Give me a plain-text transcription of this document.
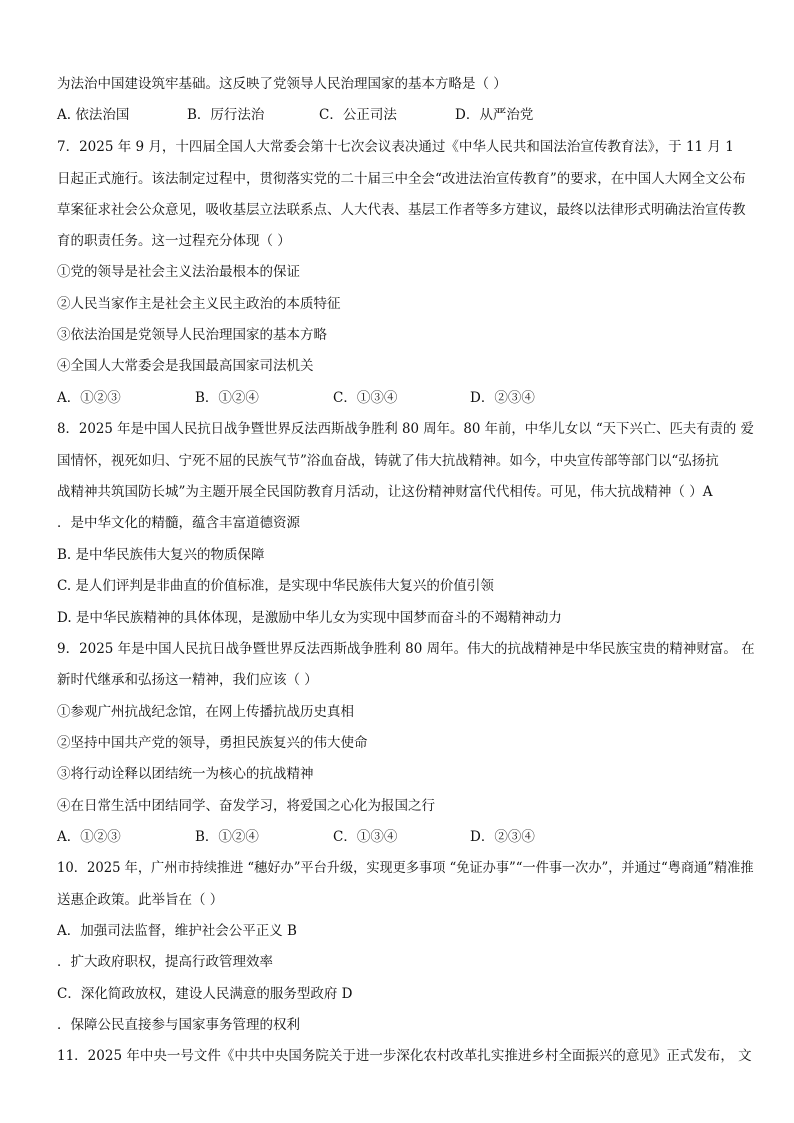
为法治中国建设筑牢基础。这反映了党领导人民治理国家的基本方略是（ ）
A. 依法治国	B．厉行法治	C．公正司法	D．从严治党
7．2025 年 9 月，十四届全国人大常委会第十七次会议表决通过《中华人民共和国法治宣传教育法》，于 11 月 1
日起正式施行。该法制定过程中，贯彻落实党的二十届三中全会“改进法治宣传教育”的要求，在中国人大网全文公布
草案征求社会公众意见，吸收基层立法联系点、人大代表、基层工作者等多方建议，最终以法律形式明确法治宣传教
育的职责任务。这一过程充分体现（ ）
①党的领导是社会主义法治最根本的保证
②人民当家作主是社会主义民主政治的本质特征
③依法治国是党领导人民治理国家的基本方略
④全国人大常委会是我国最高国家司法机关
A．①②③	B．①②④	C．①③④	D．②③④
8．2025 年是中国人民抗日战争暨世界反法西斯战争胜利 80 周年。80 年前，中华儿女以 “天下兴亡、匹夫有责的 爱
国情怀，视死如归、宁死不屈的民族气节”浴血奋战，铸就了伟大抗战精神。如今，中央宣传部等部门以“弘扬抗
战精神共筑国防长城”为主题开展全民国防教育月活动，让这份精神财富代代相传。可见，伟大抗战精神（ ）A
．是中华文化的精髓，蕴含丰富道德资源
B. 是中华民族伟大复兴的物质保障
C. 是人们评判是非曲直的价值标准，是实现中华民族伟大复兴的价值引领
D. 是中华民族精神的具体体现，是激励中华儿女为实现中国梦而奋斗的不竭精神动力
9．2025 年是中国人民抗日战争暨世界反法西斯战争胜利 80 周年。伟大的抗战精神是中华民族宝贵的精神财富。 在
新时代继承和弘扬这一精神，我们应该（ ）
①参观广州抗战纪念馆，在网上传播抗战历史真相
②坚持中国共产党的领导，勇担民族复兴的伟大使命
③将行动诠释以团结统一为核心的抗战精神
④在日常生活中团结同学、奋发学习，将爱国之心化为报国之行
A．①②③	B．①②④	C．①③④	D．②③④
10．2025 年，广州市持续推进 “穗好办”平台升级，实现更多事项 “免证办事”“一件事一次办”，并通过“粤商通”精准推
送惠企政策。此举旨在（ ）
A．加强司法监督，维护社会公平正义 B
．扩大政府职权，提高行政管理效率
C．深化简政放权，建设人民满意的服务型政府 D
．保障公民直接参与国家事务管理的权利
11．2025 年中央一号文件《中共中央国务院关于进一步深化农村改革扎实推进乡村全面振兴的意见》正式发布， 文
